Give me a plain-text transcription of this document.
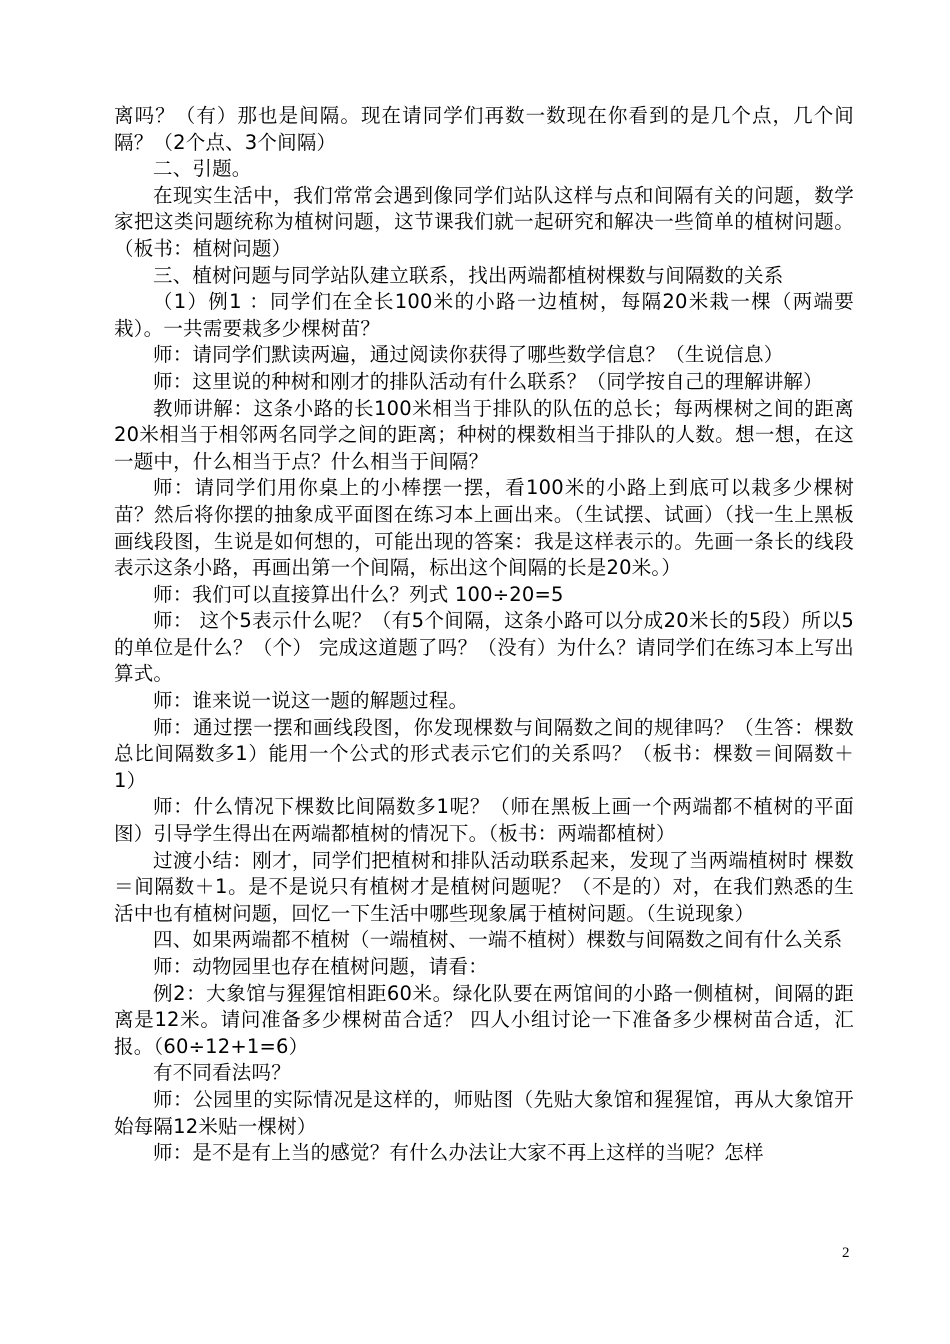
离吗？（有）那也是间隔。现在请同学们再数一数现在你看到的是几个点，几个间隔？（2个点、3个间隔）

二、引题。

在现实生活中，我们常常会遇到像同学们站队这样与点和间隔有关的问题，数学家把这类问题统称为植树问题，这节课我们就一起研究和解决一些简单的植树问题。（板书：植树问题）

三、植树问题与同学站队建立联系，找出两端都植树棵数与间隔数的关系

（1）例1 ：同学们在全长100米的小路一边植树，每隔20米栽一棵（两端要栽）。一共需要栽多少棵树苗？

师：请同学们默读两遍，通过阅读你获得了哪些数学信息？（生说信息）

师：这里说的种树和刚才的排队活动有什么联系？（同学按自己的理解讲解）

教师讲解：这条小路的长100米相当于排队的队伍的总长；每两棵树之间的距离20米相当于相邻两名同学之间的距离；种树的棵数相当于排队的人数。想一想，在这一题中，什么相当于点？什么相当于间隔？

师：请同学们用你桌上的小棒摆一摆，看100米的小路上到底可以栽多少棵树苗？然后将你摆的抽象成平面图在练习本上画出来。（生试摆、试画）（找一生上黑板画线段图，生说是如何想的，可能出现的答案：我是这样表示的。先画一条长的线段表示这条小路，再画出第一个间隔，标出这个间隔的长是20米。）

师：我们可以直接算出什么？列式 100÷20=5

师： 这个5表示什么呢？（有5个间隔，这条小路可以分成20米长的5段）所以5的单位是什么？（个） 完成这道题了吗？（没有）为什么？请同学们在练习本上写出算式。

师：谁来说一说这一题的解题过程。

师：通过摆一摆和画线段图，你发现棵数与间隔数之间的规律吗？（生答：棵数总比间隔数多1）能用一个公式的形式表示它们的关系吗？（板书：棵数＝间隔数＋1）

师：什么情况下棵数比间隔数多1呢？（师在黑板上画一个两端都不植树的平面图）引导学生得出在两端都植树的情况下。（板书：两端都植树）

过渡小结：刚才，同学们把植树和排队活动联系起来，发现了当两端植树时 棵数＝间隔数＋1。是不是说只有植树才是植树问题呢？（不是的）对，在我们熟悉的生活中也有植树问题，回忆一下生活中哪些现象属于植树问题。（生说现象）

四、如果两端都不植树（一端植树、一端不植树）棵数与间隔数之间有什么关系

师：动物园里也存在植树问题，请看：

例2：大象馆与猩猩馆相距60米。绿化队要在两馆间的小路一侧植树，间隔的距离是12米。请问准备多少棵树苗合适？ 四人小组讨论一下准备多少棵树苗合适，汇报。（60÷12+1=6）

有不同看法吗？

师：公园里的实际情况是这样的，师贴图（先贴大象馆和猩猩馆，再从大象馆开始每隔12米贴一棵树）

师：是不是有上当的感觉？有什么办法让大家不再上这样的当呢？怎样

2
